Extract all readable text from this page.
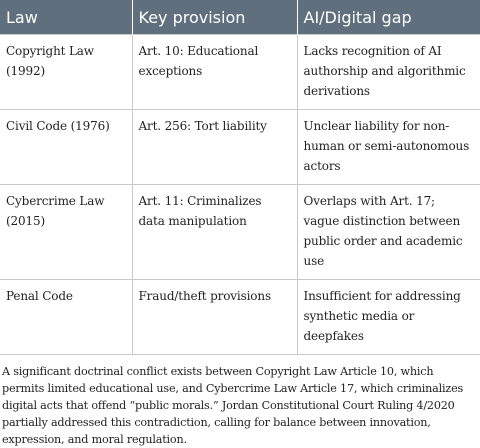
Law	Key provision	AI/Digital gap
Copyright Law (1992)	Art. 10: Educational exceptions	Lacks recognition of AI authorship and algorithmic derivations
Civil Code (1976)	Art. 256: Tort liability	Unclear liability for non-human or semi-autonomous actors
Cybercrime Law (2015)	Art. 11: Criminalizes data manipulation	Overlaps with Art. 17; vague distinction between public order and academic use
Penal Code	Fraud/theft provisions	Insufficient for addressing synthetic media or deepfakes

A significant doctrinal conflict exists between Copyright Law Article 10, which permits limited educational use, and Cybercrime Law Article 17, which criminalizes digital acts that offend “public morals.” Jordan Constitutional Court Ruling 4/2020 partially addressed this contradiction, calling for balance between innovation, expression, and moral regulation.
